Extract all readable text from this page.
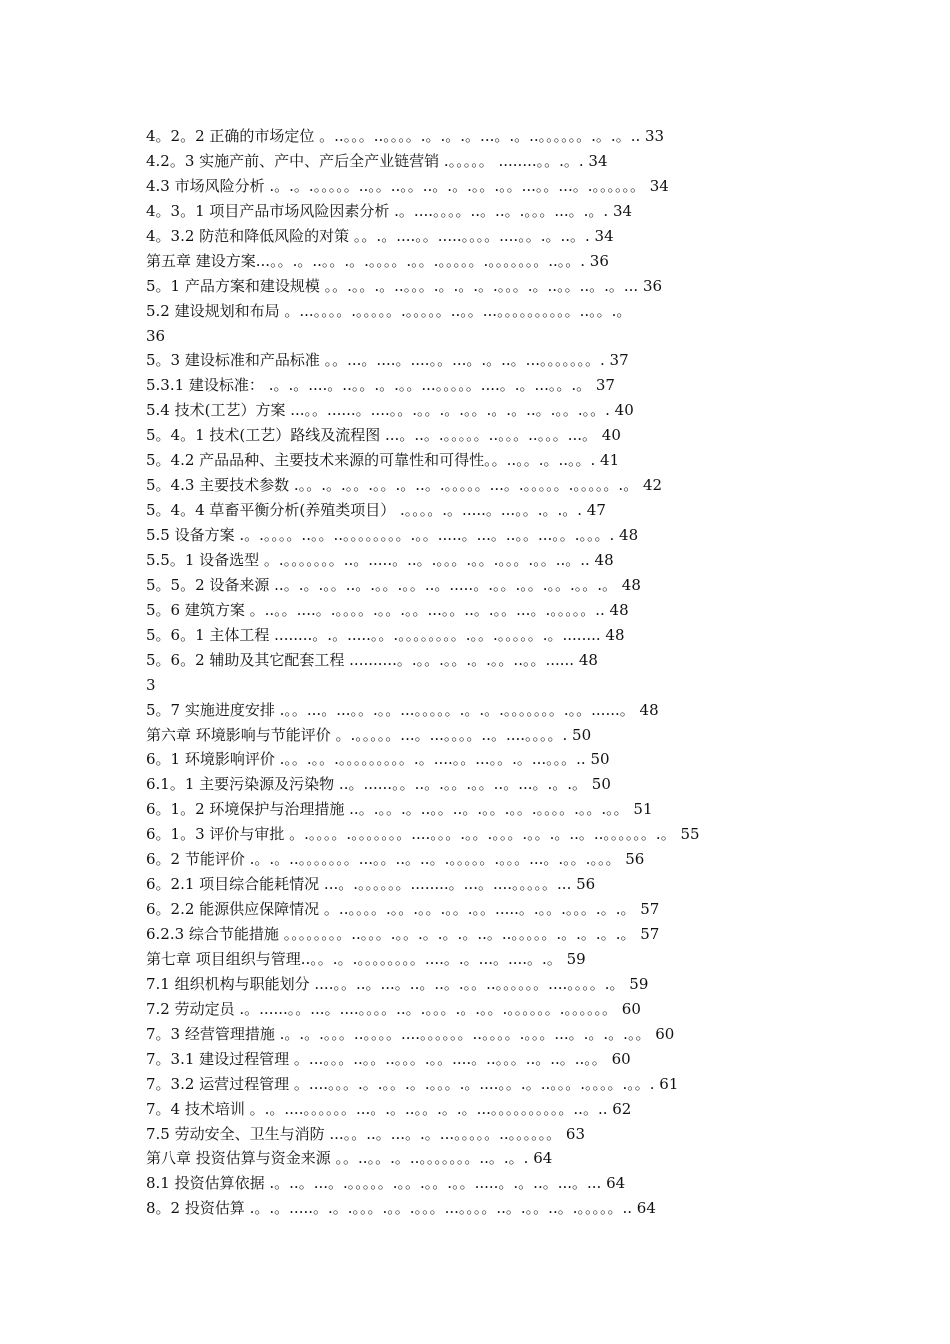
4。2。2 正确的市场定位 。..。。。..。。。。.。.。.。...。.。..。。。。。。.。.。.. 33
4.2。3 实施产前、产中、产后全产业链营销 .。。。。。 ........。。.。. 34
4.3 市场风险分析 .。.。.。。。。。..。。..。。..。.。.。。.。。...。。...。.。。。。。。 34
4。3。1 项目产品市场风险因素分析 .。....。。。。..。..。.。。。...。.。. 34
4。3.2 防范和降低风险的对策 。。.。....。。.....。。。。....。。.。..。. 34
第五章 建设方案...。。.。..。。.。.。。。。.。。.。。。。。.。。。。。。。..。。. 36
5。1 产品方案和建设规模 。。.。。.。..。。。.。.。.。.。。。.。..。。..。.。... 36
5.2 建设规划和布局 。...。。。。.。。。。。.。。。。。..。。...。。。。。。。。。。..。。.。
36
5。3 建设标准和产品标准 。。...。....。....。。...。.。..。...。。。。。。。. 37
5.3.1 建设标准： .。.。....。..。。.。.。。...。。。。。....。.。...。。.。 37
5.4 技术(工艺）方案 ...。。......。....。。.。。.。.。。.。.。..。.。。.。。. 40
5。4。1 技术(工艺）路线及流程图 ...。..。.。。。。。..。。。..。。。...。 40
5。4.2 产品品种、主要技术来源的可靠性和可得性。。..。。.。..。。. 41
5。4.3 主要技术参数 .。。.。.。。.。。.。..。.。。。。。...。.。。。。。.。。。。。.。 42
5。4。4 草畜平衡分析(养殖类项目） .。。。。.。.....。...。。.。.。. 47
5.5 设备方案 .。.。。。。..。。..。。。。。。。。.。。.....。...。..。。...。。.。。。. 48
5.5。1 设备选型 。.。。。。。。。..。.....。..。.。。。.。。.。。。.。。..。.. 48
5。5。2 设备来源 ..。.。.。。..。.。。.。。..。.....。.。。.。。.。。.。。.。 48
5。6 建筑方案 。..。。....。.。。。。.。。.。。...。。..。.。。...。.。。。。。.. 48
5。6。1 主体工程 ........。.。.....。。.。。。。。。。。.。。.。。。。。.。........ 48
5。6。2 辅助及其它配套工程 ..........。.。。.。。.。.。。..。。...... 48
3
5。7 实施进度安排 .。。...。...。。.。。...。。。。。.。.。.。。。。。。。.。。......。 48
第六章 环境影响与节能评价 。.。。。。。...。...。。。。..。....。。。。. 50
6。1 环境影响评价 .。。.。。.。。。。。。。。。.。....。。...。。.。...。。。.. 50
6.1。1 主要污染源及污染物 ..。......。。..。.。。.。。..。...。.。.。 50
6。1。2 环境保护与治理措施 ..。.。。.。..。。..。.。。.。。.。。。。.。。.。。 51
6。1。3 评价与审批 。.。。。。.。。。。。。。....。。。.。。.。。。.。。.。..。..。。。。。。.。 55
6。2 节能评价 .。.。..。。。。。。。...。。..。..。.。。。。。.。。。...。.。。.。。。 56
6。2.1 项目综合能耗情况 ...。.。。。。。。........。...。....。。。。。... 56
6。2.2 能源供应保障情况 。..。。。。.。。.。。.。。.。。.....。.。。.。。。.。.。 57
6.2.3 综合节能措施 。。。。。。。。..。。。.。。.。.。.。..。..。。。。。.。.。.。.。 57
第七章 项目组织与管理..。。.。.。。。。。。。。....。.。...。....。.。 59
7.1 组织机构与职能划分 ....。。..。...。..。..。.。。..。。。。。。....。。。。.。 59
7.2 劳动定员 .。......。。...。....。。。。..。.。。。.。.。。.。。。。。。.。。。。。。 60
7。3 经营管理措施 .。.。.。。。..。。。。....。。。。。。..。。。。.。。。...。.。.。.。。 60
7。3.1 建设过程管理 。...。。。..。。..。。。.。。....。..。。。..。..。..。。 60
7。3.2 运营过程管理 。....。。。.。.。。.。.。。。.。....。。.。..。。。.。。。。.。。. 61
7。4 技术培训 。.。....。。。。。。...。.。..。。.。.。...。。。。。。。。。。..。.. 62
7.5 劳动安全、卫生与消防 ...。。..。...。.。...。。。。。..。。。。。。 63
第八章 投资估算与资金来源 。。..。。.。..。。。。。。。..。.。. 64
8.1 投资估算依据 .。..。...。.。。。。。.。。.。。.。。.....。.。..。...。... 64
8。2 投资估算 .。.。.....。.。.。。。.。。.。。。...。。。。..。.。。..。.。。。。。.. 64
